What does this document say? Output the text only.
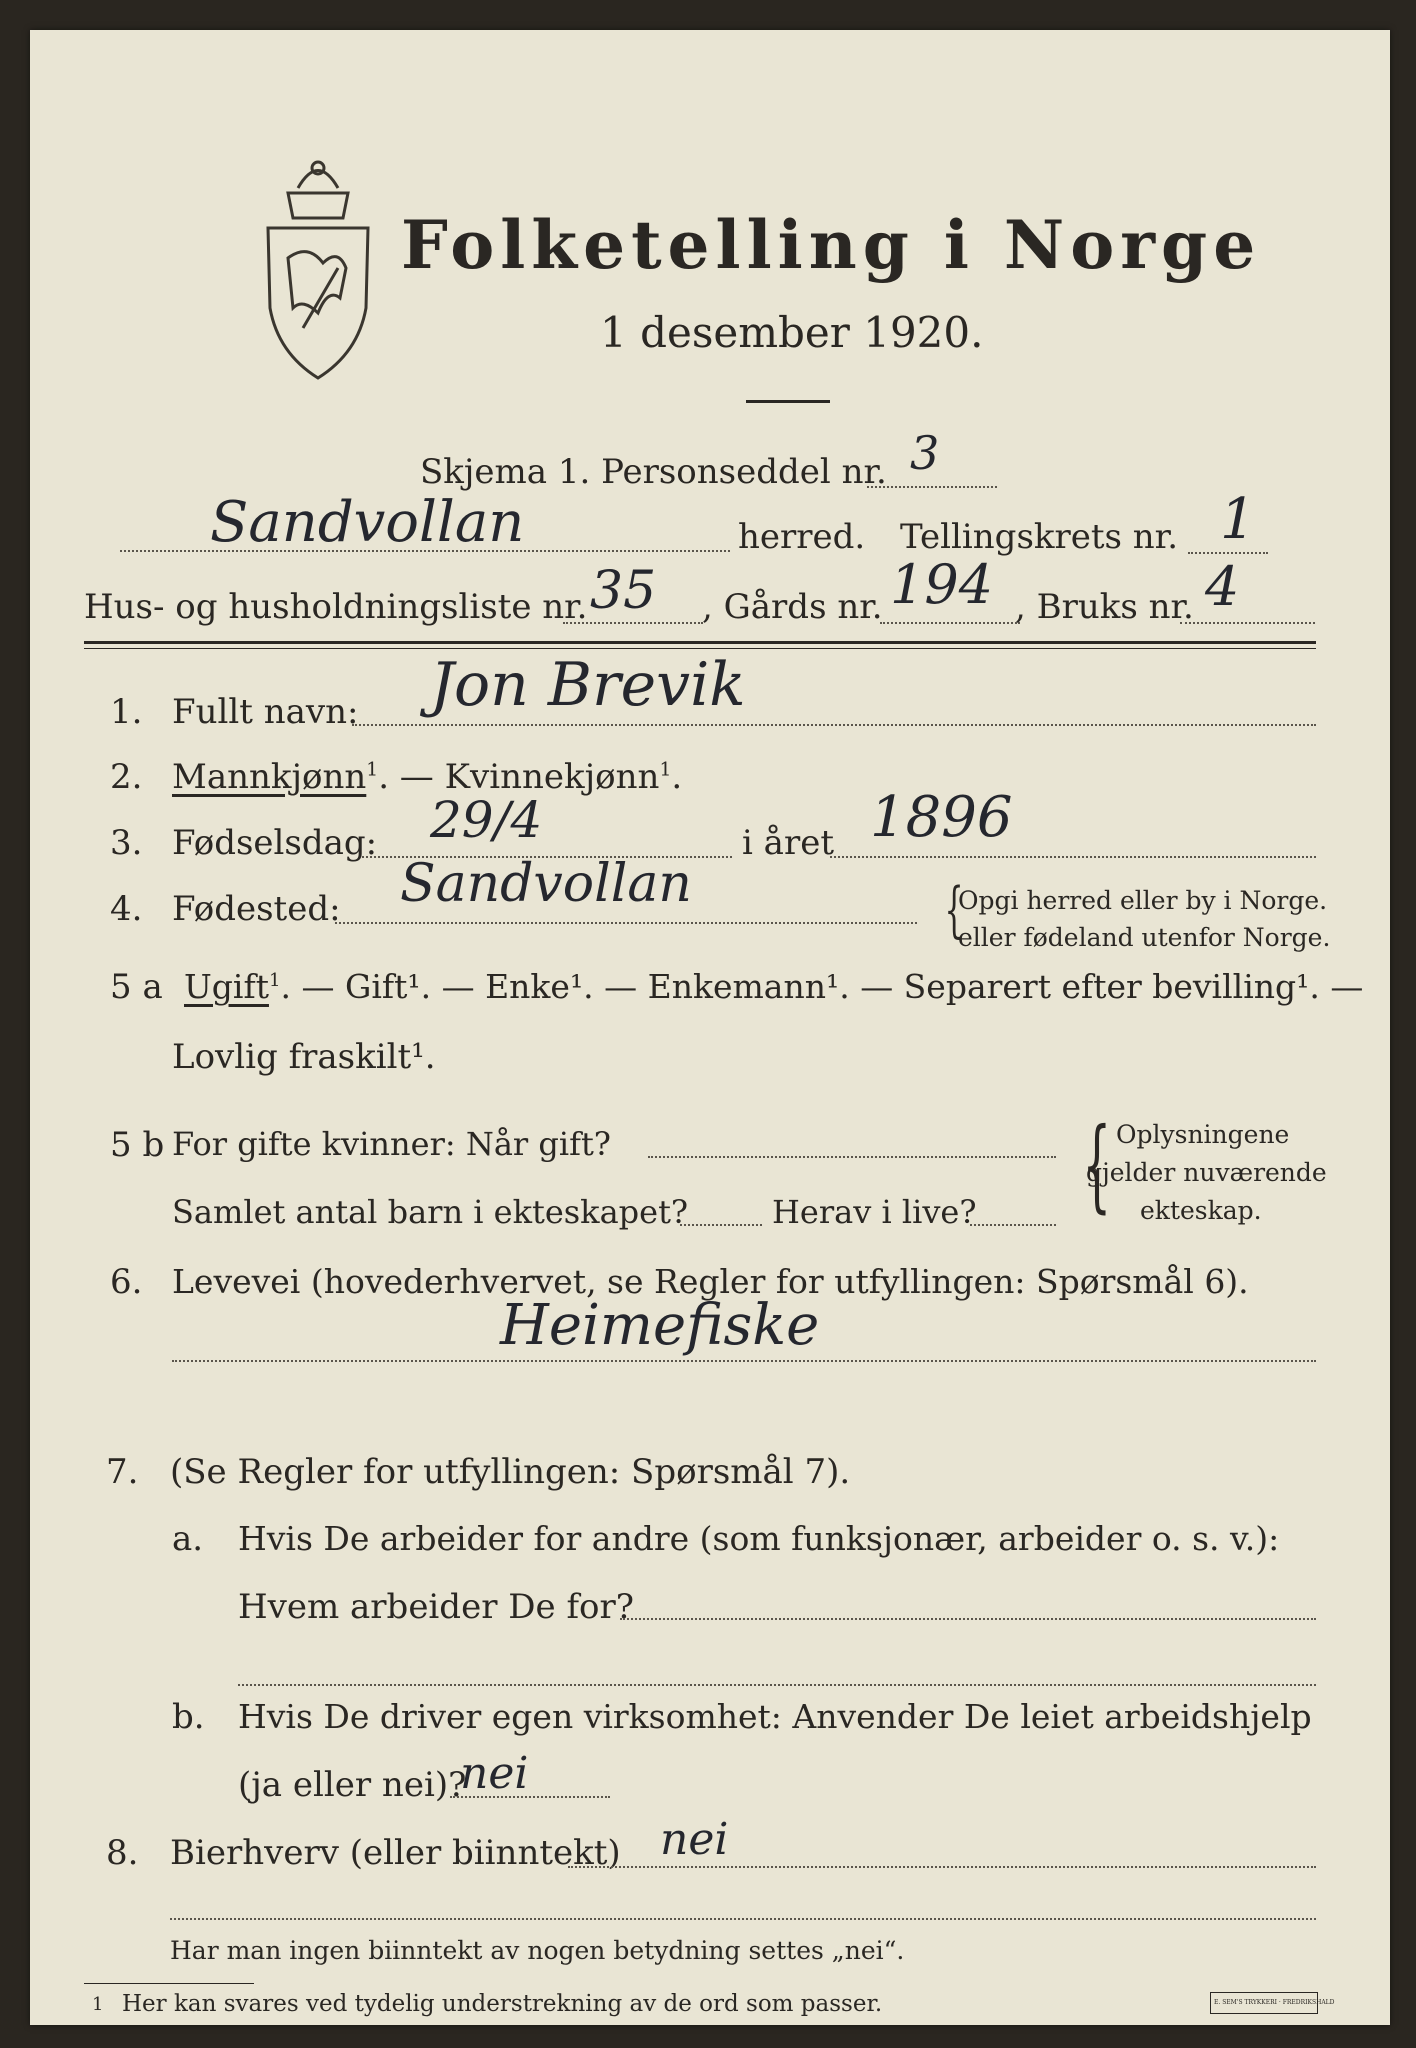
Folketelling i Norge
1 desember 1920.
Skjema 1. Personseddel nr. 3
Sandvollan	herred. Tellingskrets nr. 1
Hus- og husholdningsliste nr. 35 , Gårds nr. 194 , Bruks nr. 4
1. Fullt navn: Jon Brevik
2. Mannkjønn$^1$. — Kvinnekjønn$^1$.
3. Fødselsdag: 29/4	i året 1896
4. Fødested: Sandvollan	{
Opgi herred eller by i Norge.
eller fødeland utenfor Norge.
5 a Ugift$^1$. — Gift¹. — Enke¹. — Enkemann¹. — Separert efter bevilling¹. —
Lovlig fraskilt¹.
5 b For gifte kvinner: Når gift?
Samlet antal barn i ekteskapet?	Herav i live? { Oplysningene
gjelder nuværende
ekteskap.
6. Levevei (hovederhvervet, se Regler for utfyllingen: Spørsmål 6).
Heimefiske
7. (Se Regler for utfyllingen: Spørsmål 7).
a. Hvis De arbeider for andre (som funksjonær, arbeider o. s. v.):
Hvem arbeider De for?
b. Hvis De driver egen virksomhet: Anvender De leiet arbeidshjelp
(ja eller nei)?
nei
8. Bierhverv (eller biinntekt) nei
Har man ingen biinntekt av nogen betydning settes „nei“.
1 Her kan svares ved tydelig understrekning av de ord som passer.	E. SEM'S TRYKKERI · FREDRIKSHALD
